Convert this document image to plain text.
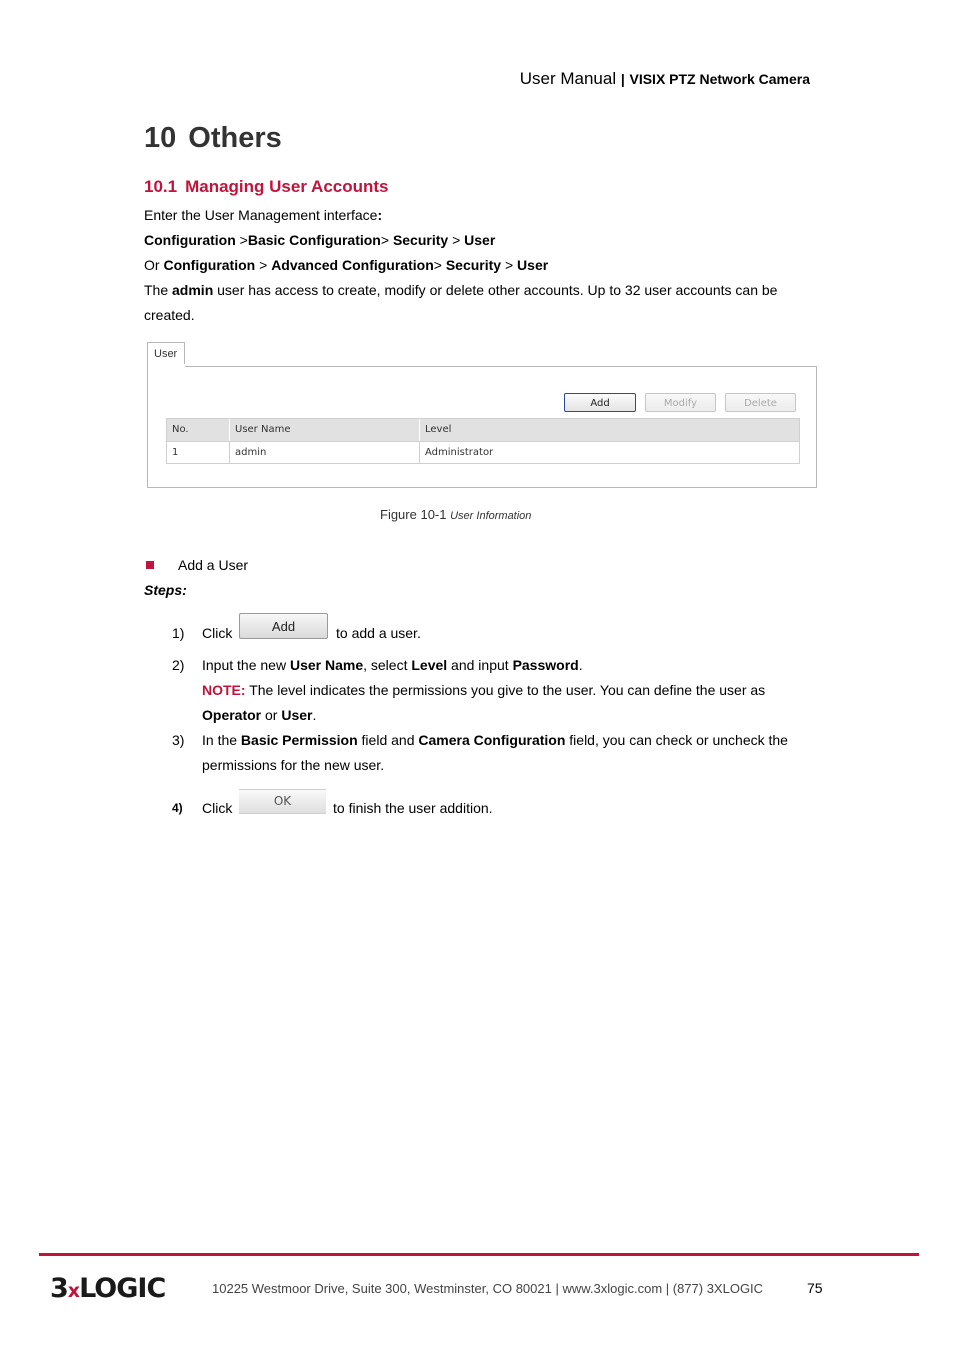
User Manual | VISIX PTZ Network Camera
10 Others
10.1 Managing User Accounts
Enter the User Management interface:
Configuration >Basic Configuration> Security > User
Or Configuration > Advanced Configuration> Security > User
The admin user has access to create, modify or delete other accounts. Up to 32 user accounts can be created.
User
Add	Modify	Delete
No.	User Name	Level
1	admin	Administrator
Figure 10-1 User Information
Add a User
Steps:
1) Click	Add	to add a user.
2) Input the new User Name, select Level and input Password.
NOTE: The level indicates the permissions you give to the user. You can define the user as Operator or User.
3) In the Basic Permission field and Camera Configuration field, you can check or uncheck the permissions for the new user.
4) Click	OK	to finish the user addition.
3xLOGIC	10225 Westmoor Drive, Suite 300, Westminster, CO 80021 | www.3xlogic.com | (877) 3XLOGIC	75
